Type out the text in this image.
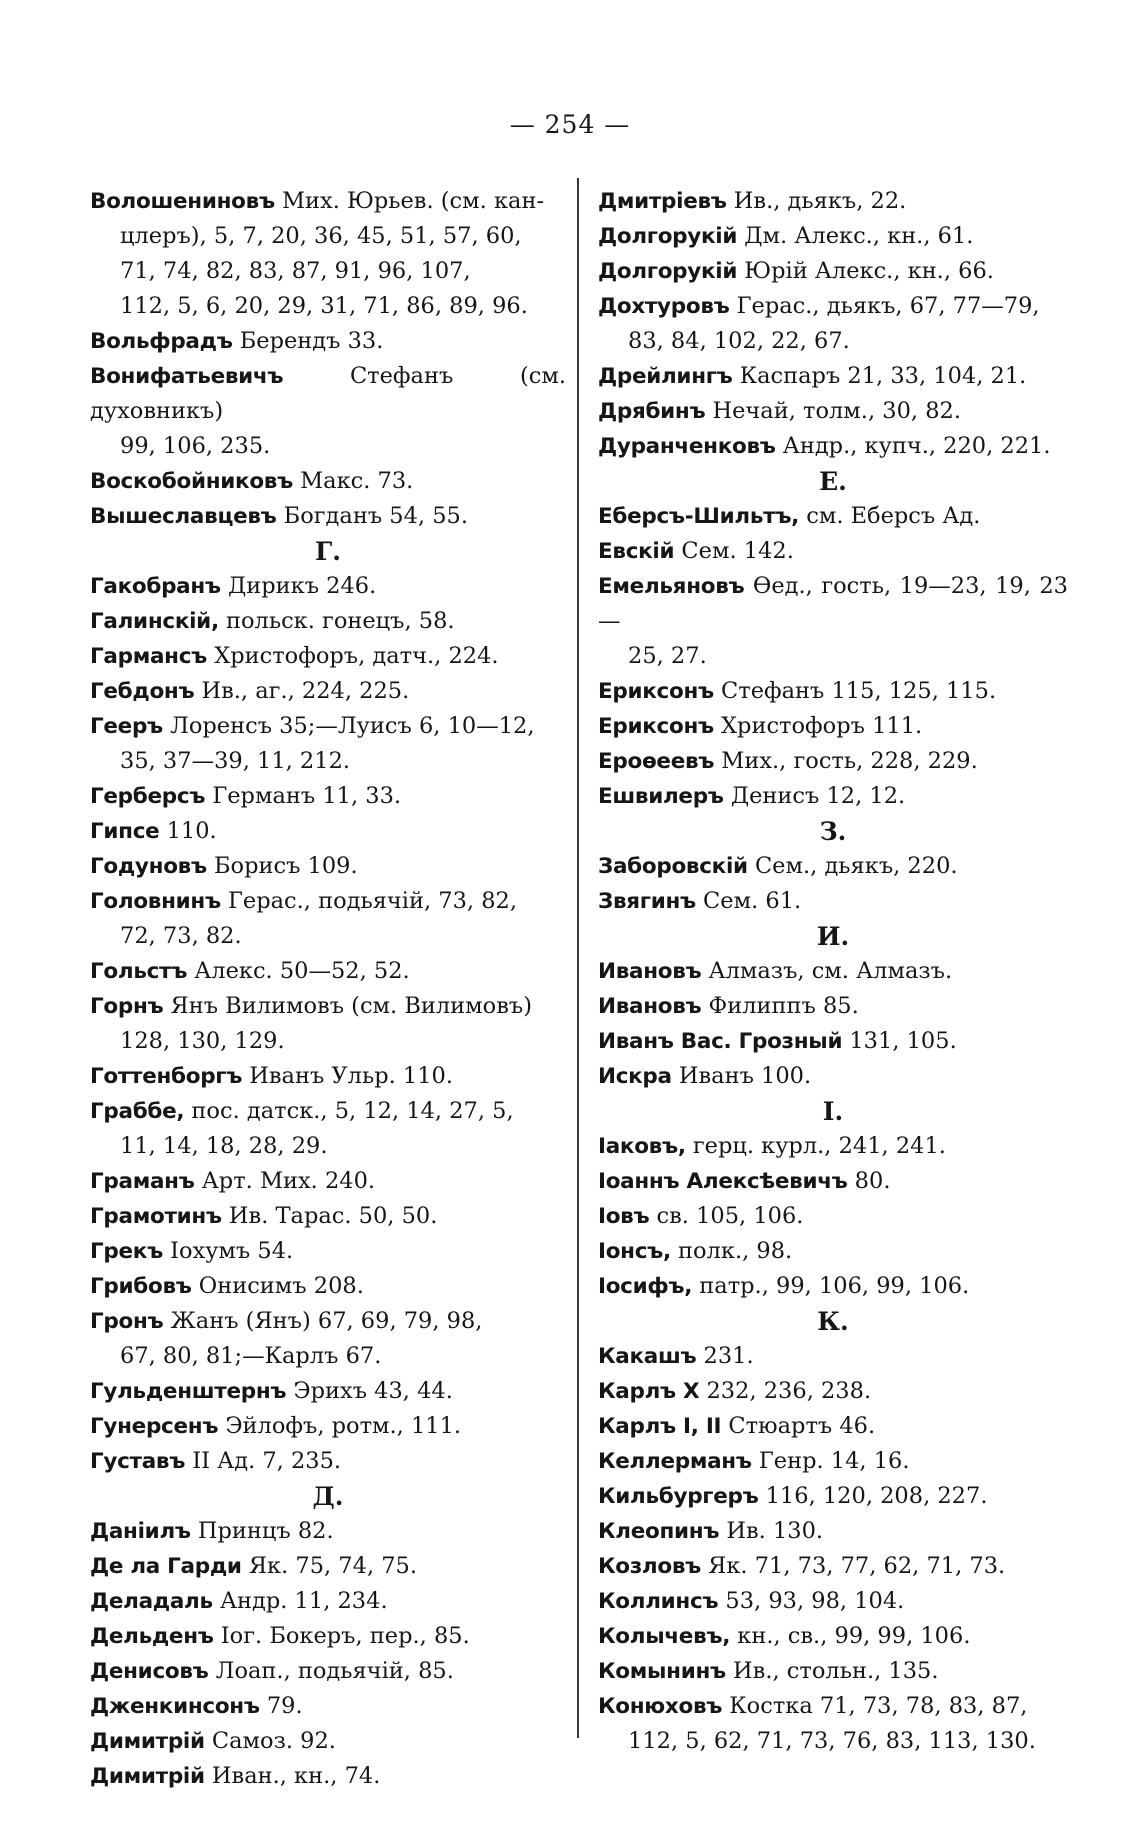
— 254 —
Волошениновъ Мих. Юрьев. (см. кан-
цлеръ), 5, 7, 20, 36, 45, 51, 57, 60,
71, 74, 82, 83, 87, 91, 96, 107,
112, 5, 6, 20, 29, 31, 71, 86, 89, 96.
Вольфрадъ Берендъ 33.
Вонифатьевичъ Стефанъ (см. духовникъ)
99, 106, 235.
Воскобойниковъ Макс. 73.
Вышеславцевъ Богданъ 54, 55.
Г.
Гакобранъ Дирикъ 246.
Галинскій, польск. гонецъ, 58.
Гармансъ Христофоръ, датч., 224.
Гебдонъ Ив., аг., 224, 225.
Гееръ Лоренсъ 35;—Луисъ 6, 10—12,
35, 37—39, 11, 212.
Герберсъ Германъ 11, 33.
Гипсе 110.
Годуновъ Борисъ 109.
Головнинъ Герас., подьячій, 73, 82,
72, 73, 82.
Гольстъ Алекс. 50—52, 52.
Горнъ Янъ Вилимовъ (см. Вилимовъ)
128, 130, 129.
Готтенборгъ Иванъ Ульр. 110.
Граббе, пос. датск., 5, 12, 14, 27, 5,
11, 14, 18, 28, 29.
Граманъ Арт. Мих. 240.
Грамотинъ Ив. Тарас. 50, 50.
Грекъ Іохумъ 54.
Грибовъ Онисимъ 208.
Гронъ Жанъ (Янъ) 67, 69, 79, 98,
67, 80, 81;—Карлъ 67.
Гульденштернъ Эрихъ 43, 44.
Гунерсенъ Эйлофъ, ротм., 111.
Густавъ II Ад. 7, 235.
Д.
Даніилъ Принцъ 82.
Де ла Гарди Як. 75, 74, 75.
Деладаль Андр. 11, 234.
Дельденъ Іог. Бокеръ, пер., 85.
Денисовъ Лоап., подьячій, 85.
Дженкинсонъ 79.
Димитрій Самоз. 92.
Димитрій Иван., кн., 74.
Дмитріевъ Ив., дьякъ, 22.
Долгорукій Дм. Алекс., кн., 61.
Долгорукій Юрій Алекс., кн., 66.
Дохтуровъ Герас., дьякъ, 67, 77—79,
83, 84, 102, 22, 67.
Дрейлингъ Каспаръ 21, 33, 104, 21.
Дрябинъ Нечай, толм., 30, 82.
Дуранченковъ Андр., купч., 220, 221.
Е.
Еберсъ-Шильтъ, см. Еберсъ Ад.
Евскій Сем. 142.
Емельяновъ Өед., гость, 19—23, 19, 23—
25, 27.
Ериксонъ Стефанъ 115, 125, 115.
Ериксонъ Христофоръ 111.
Ероөеевъ Мих., гость, 228, 229.
Ешвилеръ Денисъ 12, 12.
З.
Заборовскій Сем., дьякъ, 220.
Звягинъ Сем. 61.
И.
Ивановъ Алмазъ, см. Алмазъ.
Ивановъ Филиппъ 85.
Иванъ Вас. Грозный 131, 105.
Искра Иванъ 100.
І.
Іаковъ, герц. курл., 241, 241.
Іоаннъ Алексѣевичъ 80.
Іовъ св. 105, 106.
Іонсъ, полк., 98.
Іосифъ, патр., 99, 106, 99, 106.
К.
Какашъ 231.
Карлъ Х 232, 236, 238.
Карлъ I, II Стюартъ 46.
Келлерманъ Генр. 14, 16.
Кильбургеръ 116, 120, 208, 227.
Клеопинъ Ив. 130.
Козловъ Як. 71, 73, 77, 62, 71, 73.
Коллинсъ 53, 93, 98, 104.
Колычевъ, кн., св., 99, 99, 106.
Комынинъ Ив., стольн., 135.
Конюховъ Костка 71, 73, 78, 83, 87,
112, 5, 62, 71, 73, 76, 83, 113, 130.
